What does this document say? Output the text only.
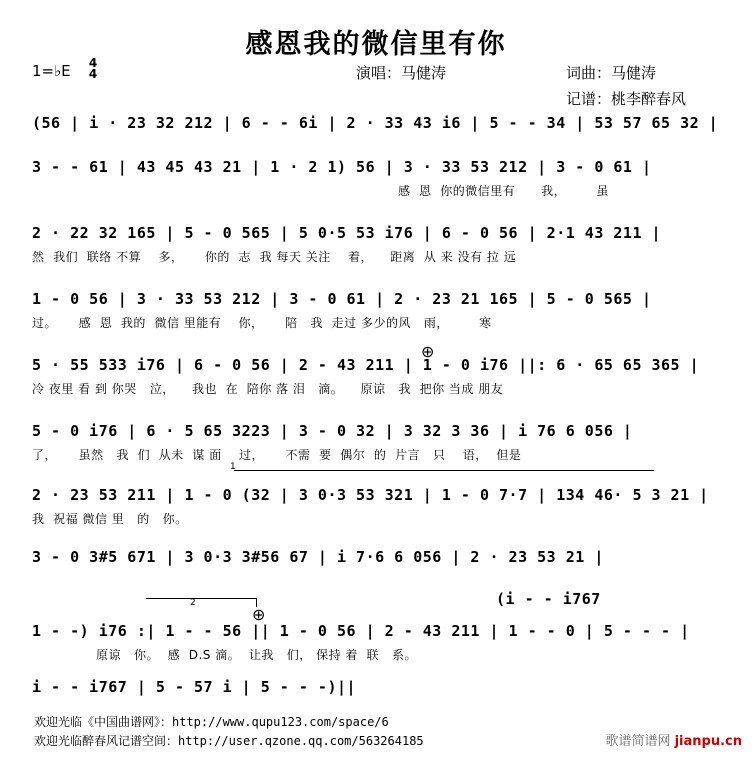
感恩我的微信里有你
1=♭E 4
4	演唱：马健涛	词曲：马健涛
记谱：桃李醉春风
(56 | i · 23 32 212 | 6 - - 6i | 2 · 33 43 i6 | 5 - - 34 | 53 57 65 32 |
3 - - 61 | 43 45 43 21 | 1 · 2 1) 56 | 3 · 33 53 212 | 3 - 0 61 |
感  恩  你的微信里有      我，       虽
2 · 22 32 165 | 5 - 0 565 | 5 0·5 53 i76 | 6 - 0 56 | 2·1 43 211 |
然  我们  联络 不算    多，     你的  志  我 每天 关注    着，    距离  从 来 没有 拉 远
1 - 0 56 | 3 · 33 53 212 | 3 - 0 61 | 2 · 23 21 165 | 5 - 0 565 |
过。     感  恩  我的  微信 里能有    你，     陪   我  走过 多少的风   雨，       寒
5 · 55 533 i76 | 6 - 0 56 | 2 - 43 211 | 1 - 0 i76 ||: 6 · 65 65 365 |
冷 夜里 看 到 你哭   泣，    我也  在  陪你 落 泪   滴。    原谅   我  把你 当成 朋友
⊕
5 - 0 i76 | 6 · 5 65 3223 | 3 - 0 32 | 3 32 3 36 | i 76 6 056 |
了，     虽然   我  们  从未  谋 面    过，     不需  要  偶尔  的  片言   只    语，  但是
1
2 · 23 53 211 | 1 - 0 (32 | 3 0·3 53 321 | 1 - 0 7·7 | 134 46· 5 3 21 |
我  祝福 微信 里   的   你。
3 - 0 3#5 671 | 3 0·3 3#56 67 | i 7·6 6 056 | 2 · 23 53 21 |
(i - - i767
2
⊕
1 - -) i76 :| 1 - - 56 || 1 - 0 56 | 2 - 43 211 | 1 - - 0 | 5 - - - |
原谅   你。  感  D.S 滴。  让我   们， 保持 着  联   系。
i - - i767 | 5 - 57 i | 5 - - -)||
欢迎光临《中国曲谱网》：http://www.qupu123.com/space/6
欢迎光临醉春风记谱空间：http://user.qzone.qq.com/563264185	歌谱简谱网 jianpu.cn
